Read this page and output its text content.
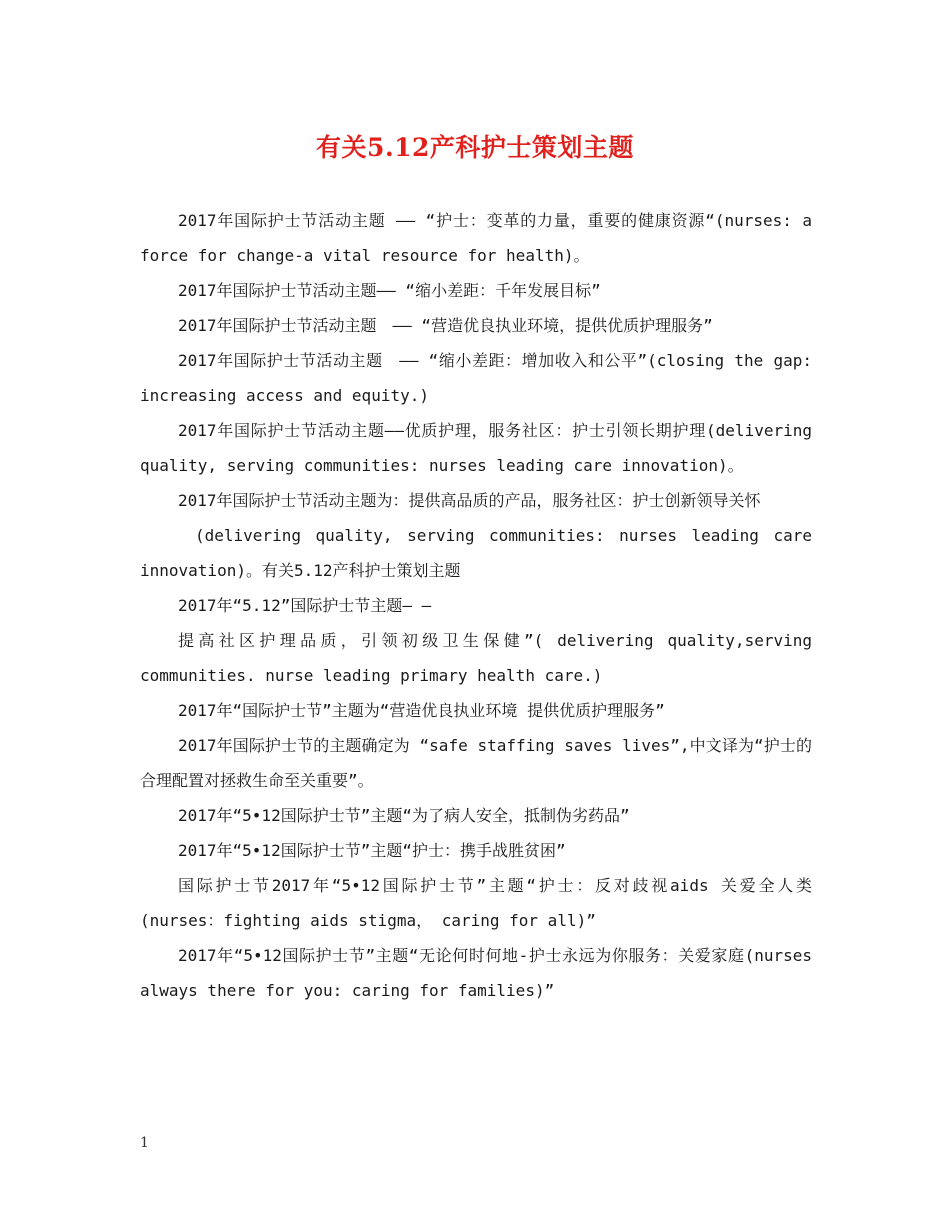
有关5.12产科护士策划主题

2017年国际护士节活动主题 —— “护士：变革的力量，重要的健康资源“(nurses: a force for change-a vital resource for health)。

2017年国际护士节活动主题—— “缩小差距：千年发展目标”

2017年国际护士节活动主题　—— “营造优良执业环境，提供优质护理服务”

2017年国际护士节活动主题　—— “缩小差距：增加收入和公平”(closing the gap: increasing access and equity.)

2017年国际护士节活动主题——优质护理，服务社区：护士引领长期护理(delivering quality, serving communities: nurses leading care innovation)。

2017年国际护士节活动主题为：提供高品质的产品，服务社区：护士创新领导关怀

(delivering quality, serving communities: nurses leading care innovation)。有关5.12产科护士策划主题

2017年“5.12”国际护士节主题— —

提高社区护理品质，引领初级卫生保健”( delivering quality,serving communities. nurse leading primary health care.)

2017年“国际护士节”主题为“营造优良执业环境 提供优质护理服务”

2017年国际护士节的主题确定为 “safe staffing saves lives”,中文译为“护士的合理配置对拯救生命至关重要”。

2017年“5•12国际护士节”主题“为了病人安全，抵制伪劣药品”

2017年“5•12国际护士节”主题“护士：携手战胜贫困”

国际护士节2017年“5•12国际护士节”主题“护士：反对歧视aids 关爱全人类(nurses：fighting aids stigma， caring for all)”

2017年“5•12国际护士节”主题“无论何时何地-护士永远为你服务：关爱家庭(nurses always there for you: caring for families)”

1
